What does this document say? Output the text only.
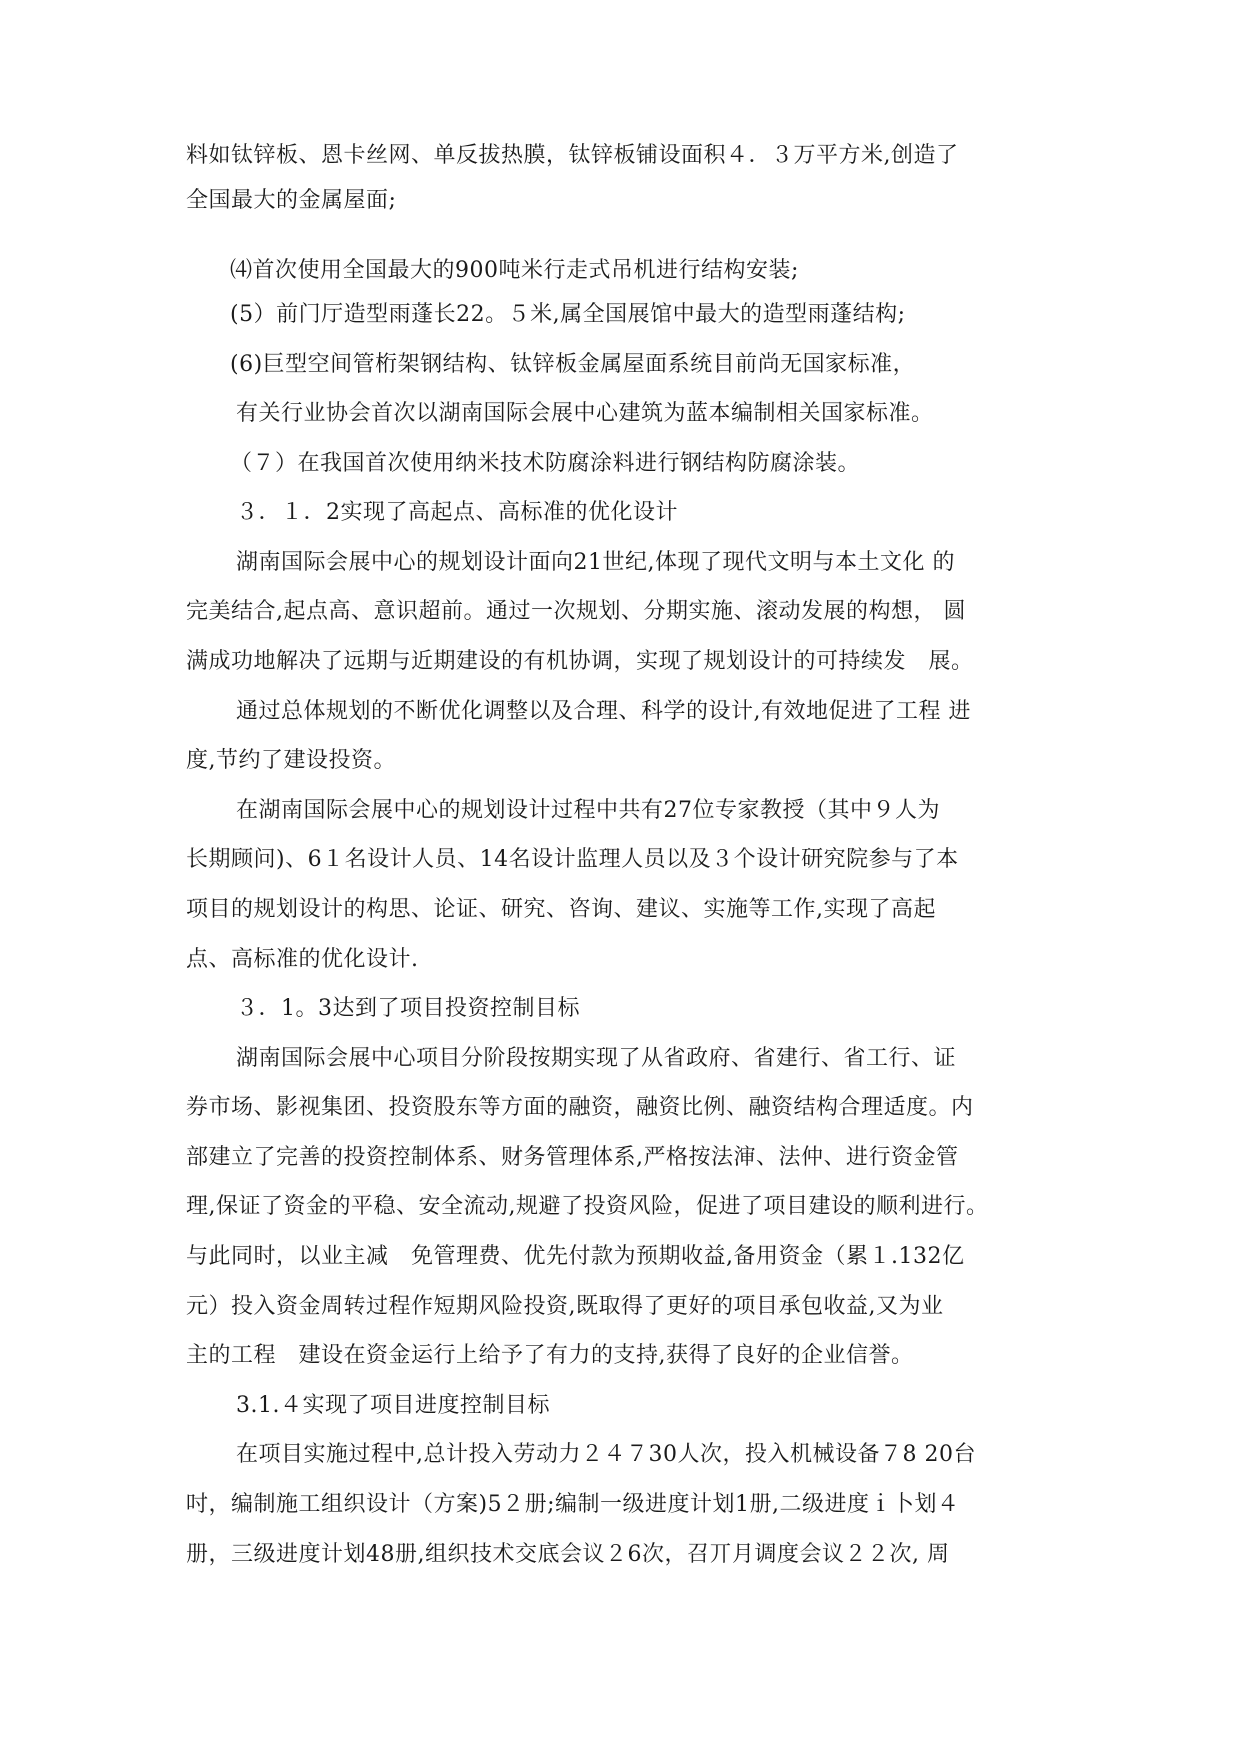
料如钛锌板、恩卡丝网、单反拔热膜，钛锌板铺设面积４．３万平方米,创造了
全国最大的金属屋面;
⑷首次使用全国最大的900吨米行走式吊机进行结构安装;
(5）前门厅造型雨蓬长22。５米,属全国展馆中最大的造型雨蓬结构;
(6)巨型空间管桁架钢结构、钛锌板金属屋面系统目前尚无国家标准，
有关行业协会首次以湖南国际会展中心建筑为蓝本编制相关国家标准。
（７）在我国首次使用纳米技术防腐涂料进行钢结构防腐涂装。
３．１．2实现了高起点、高标准的优化设计
湖南国际会展中心的规划设计面向21世纪,体现了现代文明与本土文化 的
完美结合,起点高、意识超前。通过一次规划、分期实施、滚动发展的构想， 圆
满成功地解决了远期与近期建设的有机协调，实现了规划设计的可持续发　展。
通过总体规划的不断优化调整以及合理、科学的设计,有效地促进了工程 进
度,节约了建设投资。
在湖南国际会展中心的规划设计过程中共有27位专家教授（其中９人为
长期顾问)、6１名设计人员、14名设计监理人员以及３个设计研究院参与了本
项目的规划设计的构思、论证、研究、咨询、建议、实施等工作,实现了高起
点、高标准的优化设计.
３．1。3达到了项目投资控制目标
湖南国际会展中心项目分阶段按期实现了从省政府、省建行、省工行、证
券市场、影视集团、投资股东等方面的融资，融资比例、融资结构合理适度。内
部建立了完善的投资控制体系、财务管理体系,严格按法渖、法仲、进行资金管
理,保证了资金的平稳、安全流动,规避了投资风险，促进了项目建设的顺利进行。
与此同时，以业主减　免管理费、优先付款为预期收益,备用资金（累１.132亿
元）投入资金周转过程作短期风险投资,既取得了更好的项目承包收益,又为业
主的工程　建设在资金运行上给予了有力的支持,获得了良好的企业信誉。
3.1.４实现了项目进度控制目标
在项目实施过程中,总计投入劳动力２４７30人次，投入机械设备７8 20台
吋，编制施工组织设计（方案)5２册;编制一级进度计划1册,二级进度ｉ卜划４
册，三级进度计划48册,组织技术交底会议２6次，召丌月调度会议２２次, 周
